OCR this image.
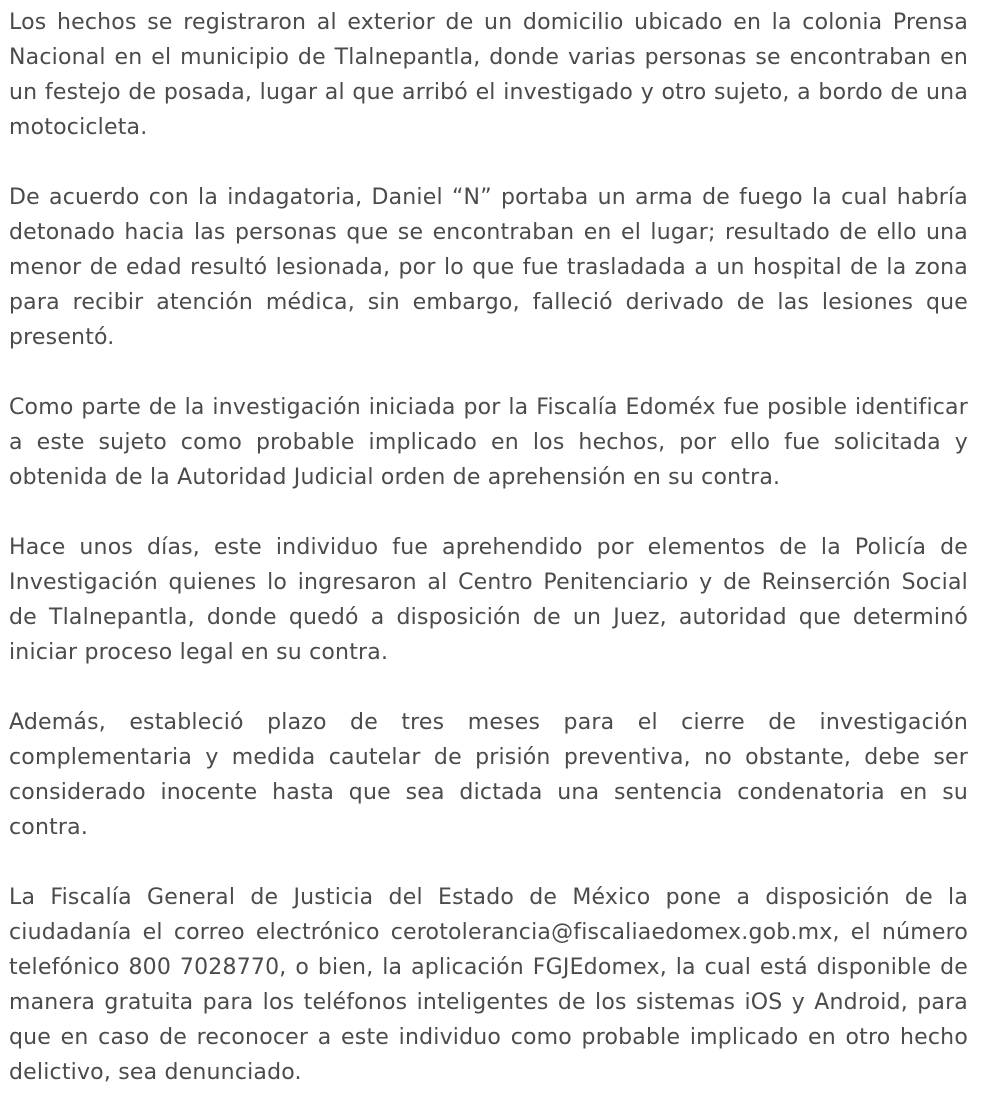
Los hechos se registraron al exterior de un domicilio ubicado en la colonia Prensa Nacional en el municipio de Tlalnepantla, donde varias personas se encontraban en un festejo de posada, lugar al que arribó el investigado y otro sujeto, a bordo de una motocicleta.

De acuerdo con la indagatoria, Daniel “N” portaba un arma de fuego la cual habría detonado hacia las personas que se encontraban en el lugar; resultado de ello una menor de edad resultó lesionada, por lo que fue trasladada a un hospital de la zona para recibir atención médica, sin embargo, falleció derivado de las lesiones que presentó.

Como parte de la investigación iniciada por la Fiscalía Edoméx fue posible identificar a este sujeto como probable implicado en los hechos, por ello fue solicitada y obtenida de la Autoridad Judicial orden de aprehensión en su contra.

Hace unos días, este individuo fue aprehendido por elementos de la Policía de Investigación quienes lo ingresaron al Centro Penitenciario y de Reinserción Social de Tlalnepantla, donde quedó a disposición de un Juez, autoridad que determinó iniciar proceso legal en su contra.

Además, estableció plazo de tres meses para el cierre de investigación complementaria y medida cautelar de prisión preventiva, no obstante, debe ser considerado inocente hasta que sea dictada una sentencia condenatoria en su contra.

La Fiscalía General de Justicia del Estado de México pone a disposición de la ciudadanía el correo electrónico cerotolerancia@fiscaliaedomex.gob.mx, el número telefónico 800 7028770, o bien, la aplicación FGJEdomex, la cual está disponible de manera gratuita para los teléfonos inteligentes de los sistemas iOS y Android, para que en caso de reconocer a este individuo como probable implicado en otro hecho delictivo, sea denunciado.
